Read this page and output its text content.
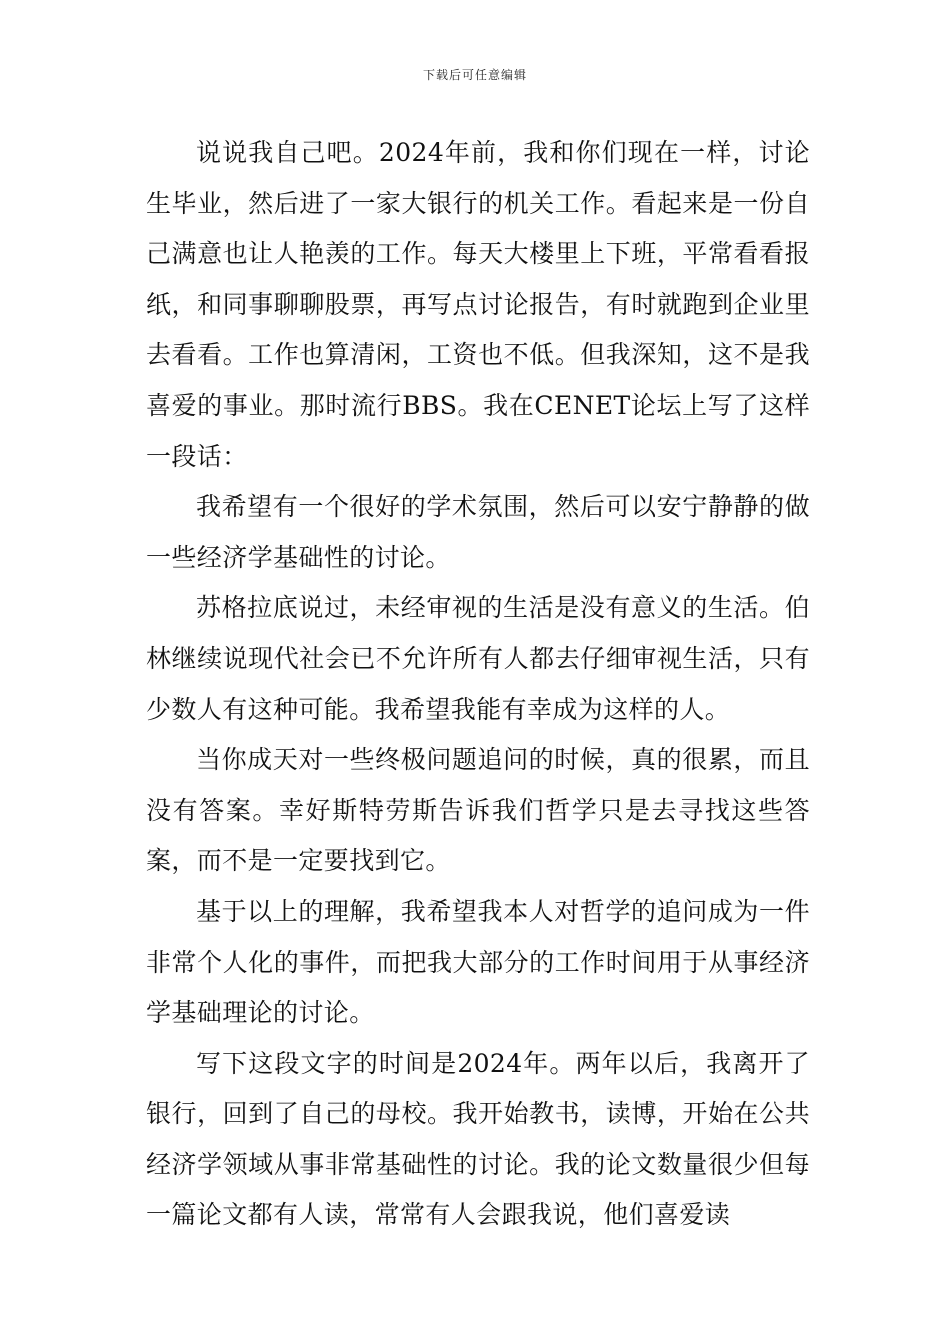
下载后可任意编辑

说说我自己吧。2024年前，我和你们现在一样，讨论生毕业，然后进了一家大银行的机关工作。看起来是一份自己满意也让人艳羡的工作。每天大楼里上下班，平常看看报纸，和同事聊聊股票，再写点讨论报告，有时就跑到企业里去看看。工作也算清闲，工资也不低。但我深知，这不是我喜爱的事业。那时流行BBS。我在CENET论坛上写了这样一段话：

我希望有一个很好的学术氛围，然后可以安宁静静的做一些经济学基础性的讨论。

苏格拉底说过，未经审视的生活是没有意义的生活。伯林继续说现代社会已不允许所有人都去仔细审视生活，只有少数人有这种可能。我希望我能有幸成为这样的人。

当你成天对一些终极问题追问的时候，真的很累，而且没有答案。幸好斯特劳斯告诉我们哲学只是去寻找这些答案，而不是一定要找到它。

基于以上的理解，我希望我本人对哲学的追问成为一件非常个人化的事件，而把我大部分的工作时间用于从事经济学基础理论的讨论。

写下这段文字的时间是2024年。两年以后，我离开了银行，回到了自己的母校。我开始教书，读博，开始在公共经济学领域从事非常基础性的讨论。我的论文数量很少但每一篇论文都有人读，常常有人会跟我说，他们喜爱读
